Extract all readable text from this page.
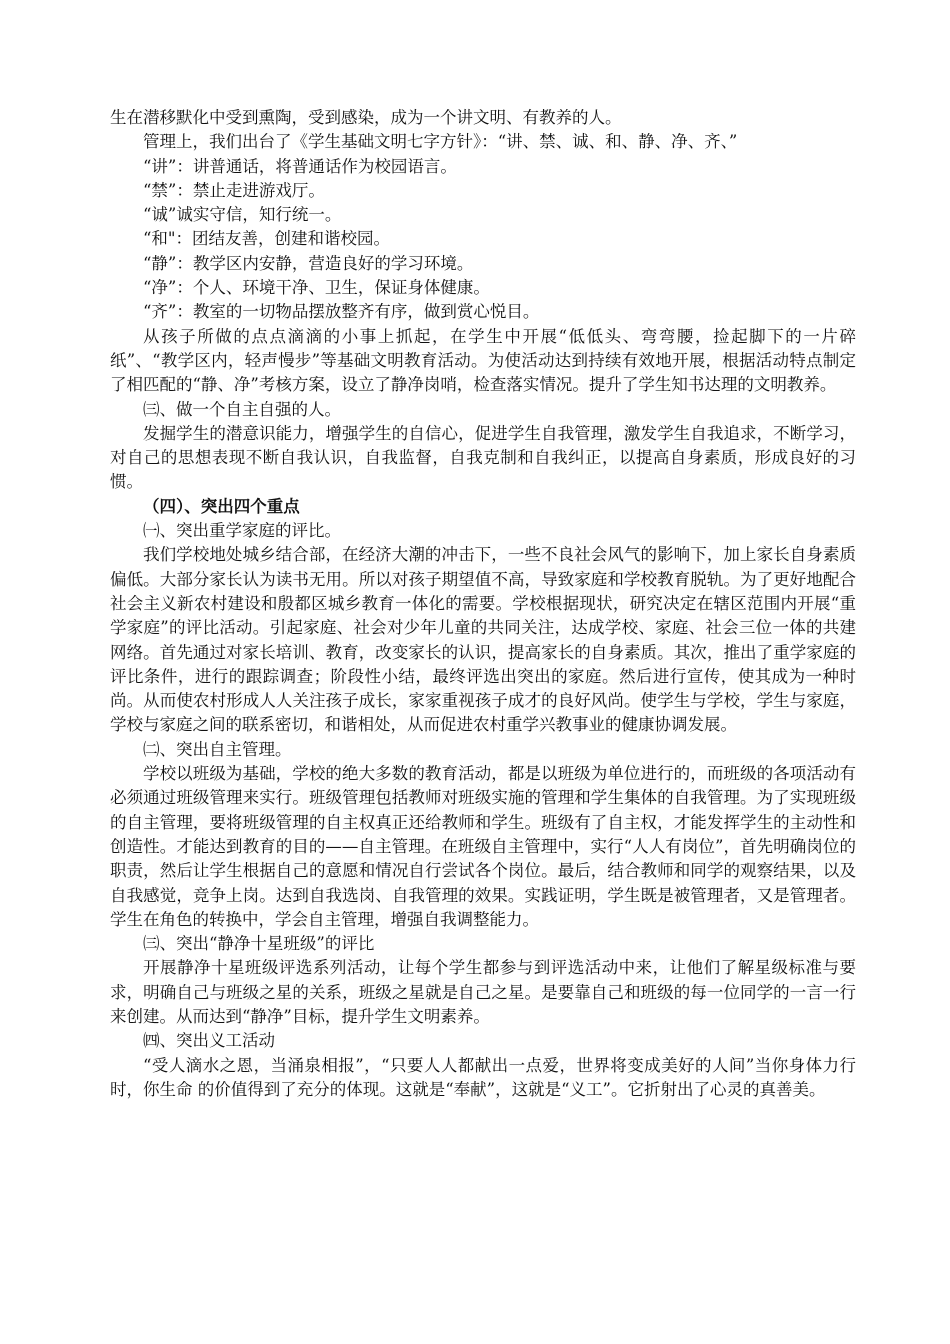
生在潜移默化中受到熏陶，受到感染，成为一个讲文明、有教养的人。

管理上，我们出台了《学生基础文明七字方针》：“讲、禁、诚、和、静、净、齐、”

“讲”：讲普通话，将普通话作为校园语言。

“禁”：禁止走进游戏厅。

“诚”诚实守信，知行统一。

“和"：团结友善，创建和谐校园。

“静”：教学区内安静，营造良好的学习环境。

“净”：个人、环境干净、卫生，保证身体健康。

“齐”：教室的一切物品摆放整齐有序，做到赏心悦目。

从孩子所做的点点滴滴的小事上抓起，在学生中开展“低低头、弯弯腰，捡起脚下的一片碎纸”、“教学区内，轻声慢步”等基础文明教育活动。为使活动达到持续有效地开展，根据活动特点制定了相匹配的“静、净”考核方案，设立了静净岗哨，检查落实情况。提升了学生知书达理的文明教养。

㈢、做一个自主自强的人。

发掘学生的潜意识能力，增强学生的自信心，促进学生自我管理，激发学生自我追求，不断学习，对自己的思想表现不断自我认识，自我监督，自我克制和自我纠正，以提高自身素质，形成良好的习惯。

（四）、突出四个重点

㈠、突出重学家庭的评比。

我们学校地处城乡结合部，在经济大潮的冲击下，一些不良社会风气的影响下，加上家长自身素质偏低。大部分家长认为读书无用。所以对孩子期望值不高，导致家庭和学校教育脱轨。为了更好地配合社会主义新农村建设和殷都区城乡教育一体化的需要。学校根据现状，研究决定在辖区范围内开展“重学家庭”的评比活动。引起家庭、社会对少年儿童的共同关注，达成学校、家庭、社会三位一体的共建网络。首先通过对家长培训、教育，改变家长的认识，提高家长的自身素质。其次，推出了重学家庭的评比条件，进行的跟踪调查；阶段性小结，最终评选出突出的家庭。然后进行宣传，使其成为一种时尚。从而使农村形成人人关注孩子成长，家家重视孩子成才的良好风尚。使学生与学校，学生与家庭，学校与家庭之间的联系密切，和谐相处，从而促进农村重学兴教事业的健康协调发展。

㈡、突出自主管理。

学校以班级为基础，学校的绝大多数的教育活动，都是以班级为单位进行的，而班级的各项活动有必须通过班级管理来实行。班级管理包括教师对班级实施的管理和学生集体的自我管理。为了实现班级的自主管理，要将班级管理的自主权真正还给教师和学生。班级有了自主权，才能发挥学生的主动性和创造性。才能达到教育的目的——自主管理。在班级自主管理中，实行“人人有岗位”，首先明确岗位的职责，然后让学生根据自己的意愿和情况自行尝试各个岗位。最后，结合教师和同学的观察结果，以及自我感觉，竞争上岗。达到自我选岗、自我管理的效果。实践证明，学生既是被管理者，又是管理者。学生在角色的转换中，学会自主管理，增强自我调整能力。

㈢、突出“静净十星班级”的评比

开展静净十星班级评选系列活动，让每个学生都参与到评选活动中来，让他们了解星级标准与要求，明确自己与班级之星的关系，班级之星就是自己之星。是要靠自己和班级的每一位同学的一言一行来创建。从而达到“静净”目标，提升学生文明素养。

㈣、突出义工活动

“受人滴水之恩，当涌泉相报”，“只要人人都献出一点爱，世界将变成美好的人间”当你身体力行时，你生命 的价值得到了充分的体现。这就是“奉献”，这就是“义工”。它折射出了心灵的真善美。
